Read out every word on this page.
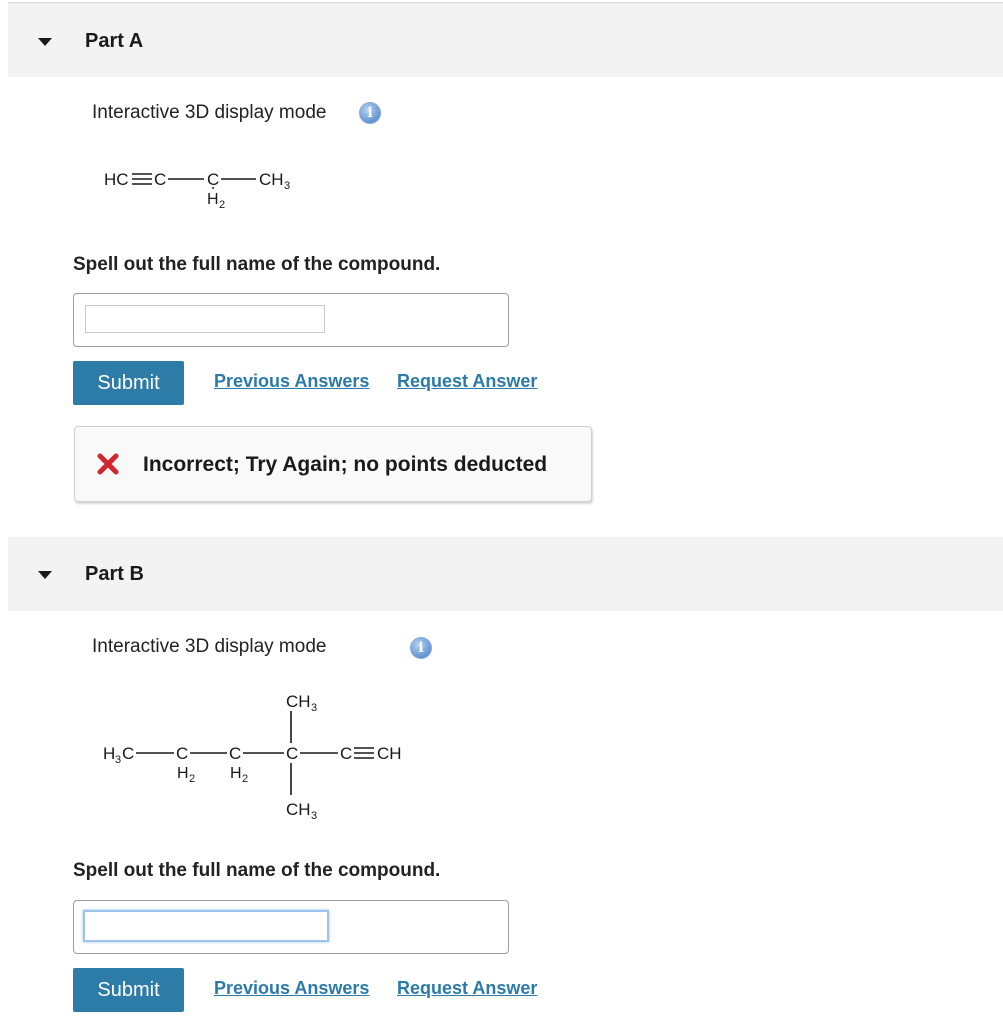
Part A
Interactive 3D display mode	i
HC C C
H 2
CH 3
Spell out the full name of the compound.
Submit	Previous Answers Request Answer
Incorrect; Try Again; no points deducted
Part B
Interactive 3D display mode	i
CH 3
H 3 C C
H 2
C
H 2
C C CH
CH 3
Spell out the full name of the compound.
Submit	Previous Answers Request Answer
